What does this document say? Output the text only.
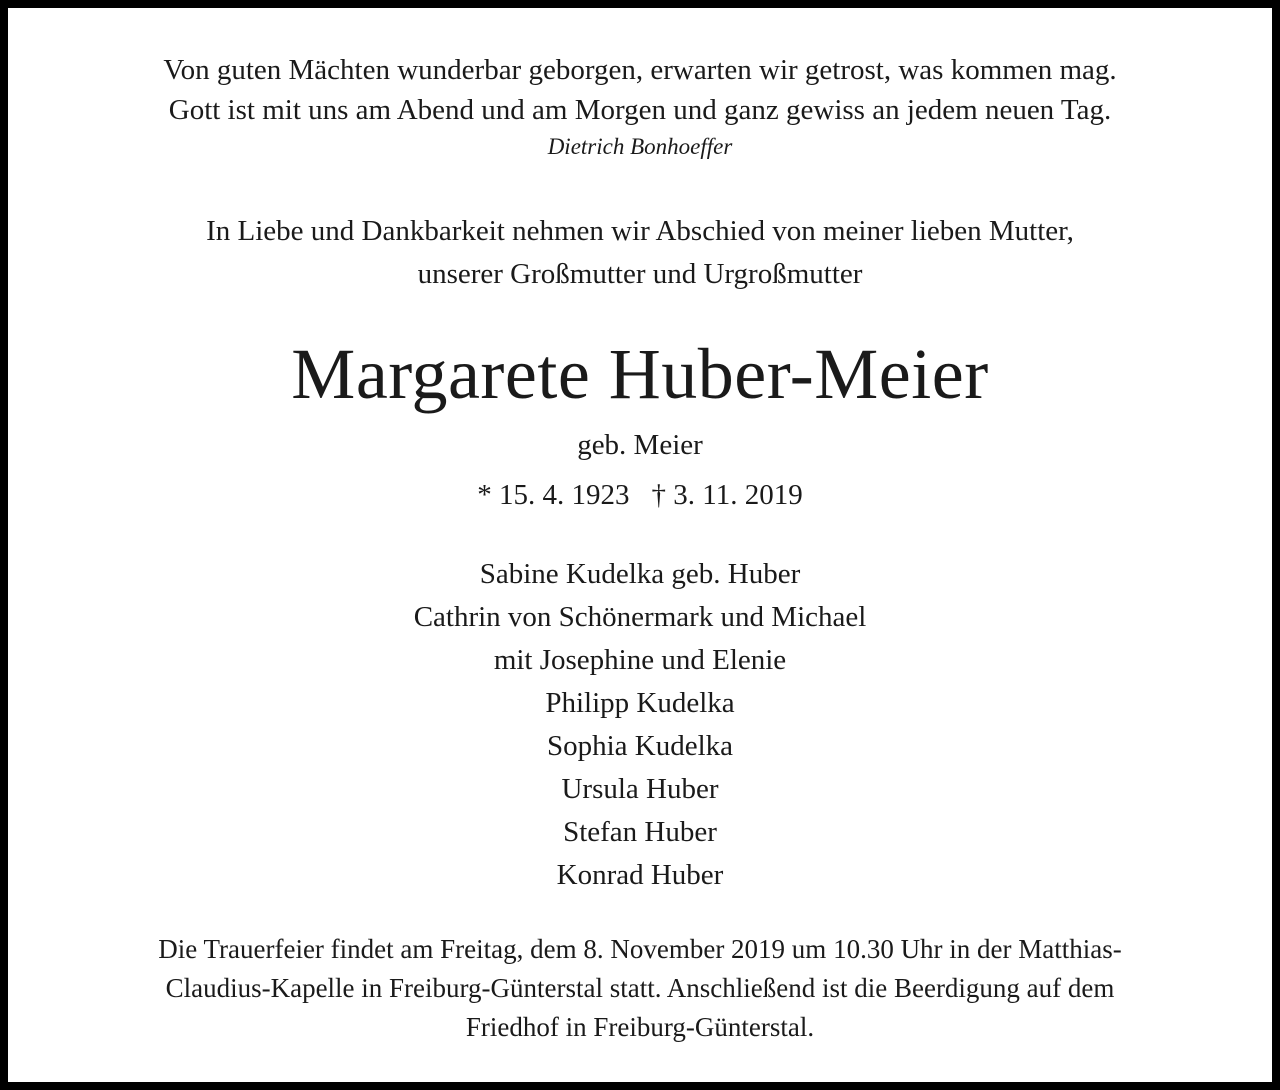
Von guten Mächten wunderbar geborgen, erwarten wir getrost, was kommen mag.
Gott ist mit uns am Abend und am Morgen und ganz gewiss an jedem neuen Tag.
Dietrich Bonhoeffer
In Liebe und Dankbarkeit nehmen wir Abschied von meiner lieben Mutter,
unserer Großmutter und Urgroßmutter
Margarete Huber-Meier
geb. Meier
* 15. 4. 1923 † 3. 11. 2019
Sabine Kudelka geb. Huber
Cathrin von Schönermark und Michael
mit Josephine und Elenie
Philipp Kudelka
Sophia Kudelka
Ursula Huber
Stefan Huber
Konrad Huber
Die Trauerfeier findet am Freitag, dem 8. November 2019 um 10.30 Uhr in der Matthias-
Claudius-Kapelle in Freiburg-Günterstal statt. Anschließend ist die Beerdigung auf dem
Friedhof in Freiburg-Günterstal.
